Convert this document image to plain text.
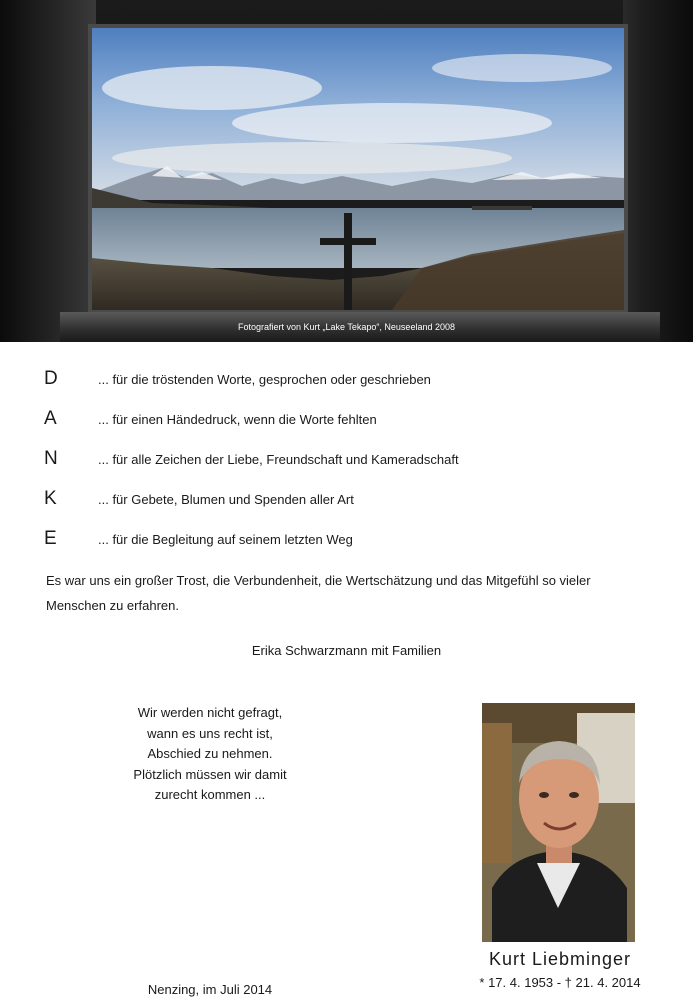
Fotografiert von Kurt „Lake Tekapo“, Neuseeland 2008
D	... für die tröstenden Worte, gesprochen oder geschrieben
A	... für einen Händedruck, wenn die Worte fehlten
N	... für alle Zeichen der Liebe, Freundschaft und Kameradschaft
K	... für Gebete, Blumen und Spenden aller Art
E	... für die Begleitung auf seinem letzten Weg
Es war uns ein großer Trost, die Verbundenheit, die Wertschätzung und das Mitgefühl so vieler
Menschen zu erfahren.
Erika Schwarzmann mit Familien
Wir werden nicht gefragt,
wann es uns recht ist,
Abschied zu nehmen.
Plötzlich müssen wir damit
zurecht kommen ...
Kurt Liebminger
* 17. 4. 1953 - † 21. 4. 2014
Nenzing, im Juli 2014
